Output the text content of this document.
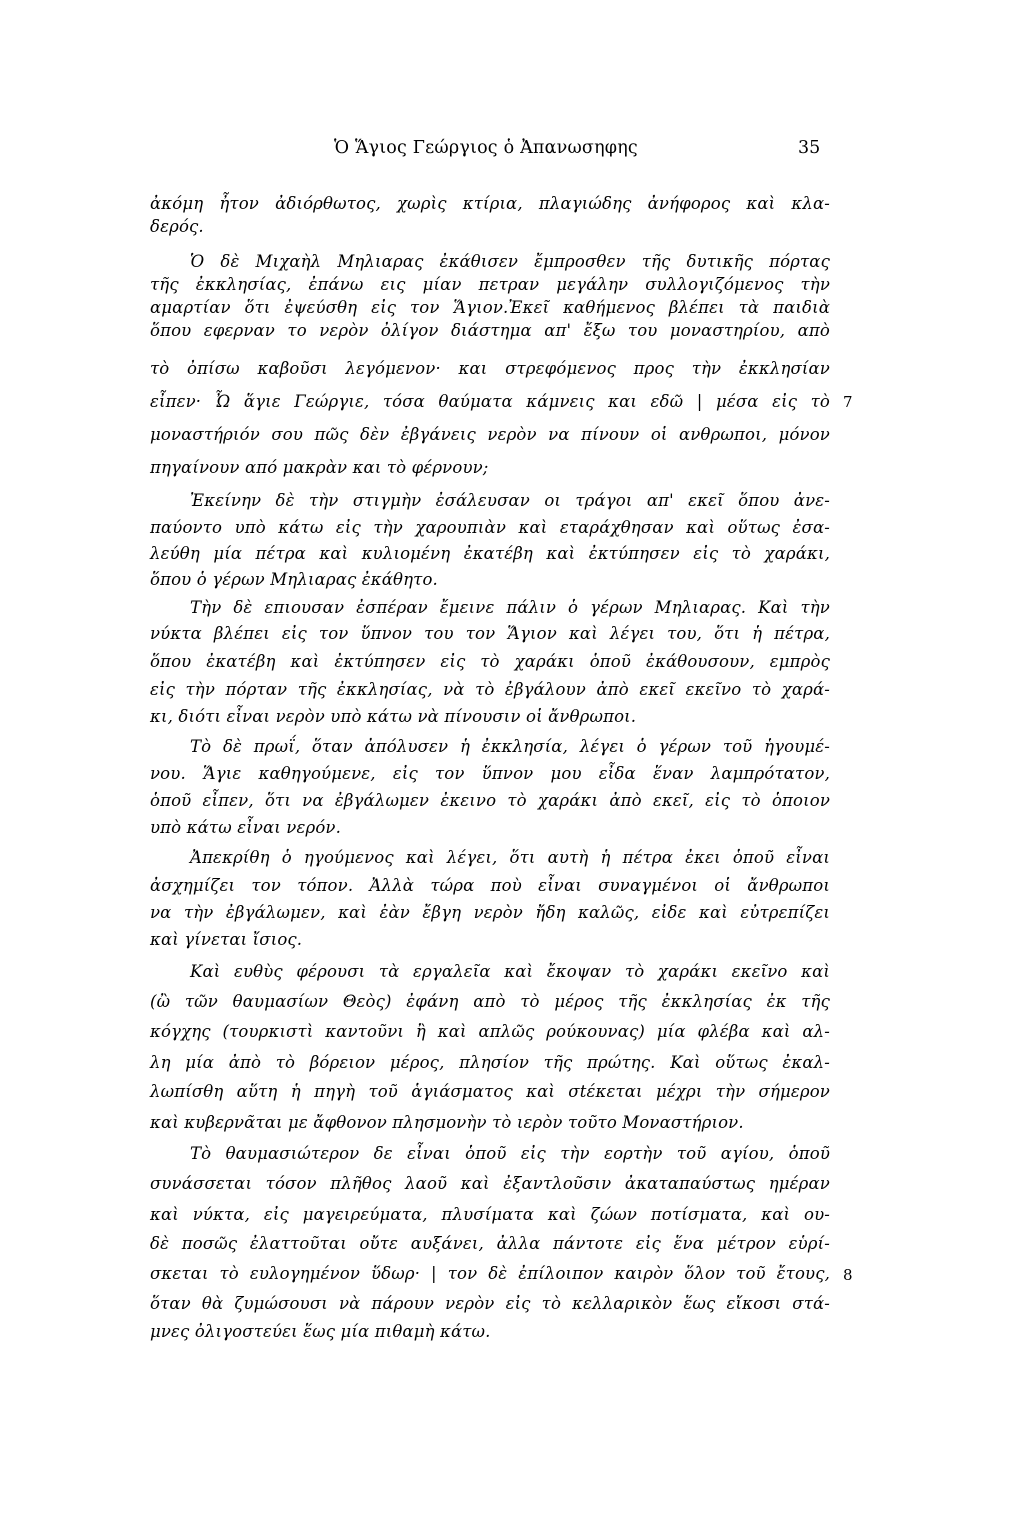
Ὁ Ἅγιος Γεώργιος ὁ Ἀπανωσηφης	35
ἀκόμη ἦτον ἀδιόρθωτος, χωρὶς κτίρια, πλαγιώδης ἀνήφορος καὶ κλα-
δερός.
Ὁ δὲ Μιχαὴλ Μηλιαρας ἐκάθισεν ἔμπροσθεν τῆς δυτικῆς πόρτας
τῆς ἐκκλησίας, ἐπάνω εις μίαν πετραν μεγάλην συλλογιζόμενος τὴν
αμαρτίαν ὅτι ἐψεύσθη εἰς τον Ἅγιον.Ἐκεῖ καθήμενος βλέπει τὰ παιδιὰ
ὅπου εφερναν το νερὸν ὀλίγον διάστημα απ' ἔξω του μοναστηρίου, απὸ
τὸ ὀπίσω καβοῦσι λεγόμενον· και στρεφόμενος προς τὴν ἐκκλησίαν
εἶπεν· Ὦ ἅγιε Γεώργιε, τόσα θαύματα κάμνεις και εδῶ | μέσα εἰς τὸ
μοναστήριόν σου πῶς δὲν ἐβγάνεις νερὸν να πίνουν οἱ ανθρωποι, μόνον
πηγαίνουν από μακρὰν και τὸ φέρνουν;
Ἐκείνην δὲ τὴν στιγμὴν ἐσάλευσαν οι τράγοι απ' εκεῖ ὅπου ἀνε-
παύοντο υπὸ κάτω εἰς τὴν χαρουπιὰν καὶ εταράχθησαν καὶ οὕτως ἐσα-
λεύθη μία πέτρα καὶ κυλιομένη ἐκατέβη καὶ ἐκτύπησεν εἰς τὸ χαράκι,
ὅπου ὁ γέρων Μηλιαρας ἐκάθητο.
Τὴν δὲ επιουσαν ἐσπέραν ἔμεινε πάλιν ὁ γέρων Μηλιαρας. Καὶ τὴν
νύκτα βλέπει εἰς τον ὕπνον του τον Ἅγιον καὶ λέγει του, ὅτι ἡ πέτρα,
ὅπου ἐκατέβη καὶ ἐκτύπησεν εἰς τὸ χαράκι ὁποῦ ἐκάθουσουν, εμπρὸς
εἰς τὴν πόρταν τῆς ἐκκλησίας, νὰ τὸ ἐβγάλουν ἀπὸ εκεῖ εκεῖνο τὸ χαρά-
κι, διότι εἶναι νερὸν υπὸ κάτω νὰ πίνουσιν οἱ ἄνθρωποι.
Τὸ δὲ πρωΐ, ὅταν ἀπόλυσεν ἡ ἐκκλησία, λέγει ὁ γέρων τοῦ ἡγουμέ-
νου. Ἅγιε καθηγούμενε, εἰς τον ὕπνον μου εἶδα ἕναν λαμπρότατον,
ὁποῦ εἶπεν, ὅτι να ἐβγάλωμεν ἐκεινο τὸ χαράκι ἀπὸ εκεῖ, εἰς τὸ ὁποιον
υπὸ κάτω εἶναι νερόν.
Ἀπεκρίθη ὁ ηγούμενος καὶ λέγει, ὅτι αυτὴ ἡ πέτρα ἐκει ὁποῦ εἶναι
ἀσχημίζει τον τόπον. Ἀλλὰ τώρα ποὺ εἶναι συναγμένοι οἱ ἄνθρωποι
να τὴν ἐβγάλωμεν, καὶ ἐὰν ἔβγη νερὸν ἤδη καλῶς, εἰδε καὶ εὐτρεπίζει
καὶ γίνεται ἴσιος.
Καὶ ευθὺς φέρουσι τὰ εργαλεῖα καὶ ἔκοψαν τὸ χαράκι εκεῖνο καὶ
(ὢ τῶν θαυμασίων Θεὸς) ἐφάνη απὸ τὸ μέρος τῆς ἐκκλησίας ἐκ τῆς
κόγχης (τουρκιστὶ καντοῦνι ἢ καὶ απλῶς ρούκουνας) μία φλέβα καὶ αλ-
λη μία ἀπὸ τὸ βόρειον μέρος, πλησίον τῆς πρώτης. Καὶ οὕτως ἐκαλ-
λωπίσθη αὕτη ἡ πηγὴ τοῦ ἁγιάσματος καὶ σtέκεται μέχρι τὴν σήμερον
καὶ κυβερνᾶται με ἄφθονον πλησμονὴν τὸ ιερὸν τοῦτο Μοναστήριον.
Τὸ θαυμασιώτερον δε εἶναι ὁποῦ εἰς τὴν εορτὴν τοῦ αγίου, ὁποῦ
συνάσσεται τόσον πλῆθος λαοῦ καὶ ἐξαντλοῦσιν ἀκαταπαύστως ημέραν
καὶ νύκτα, εἰς μαγειρεύματα, πλυσίματα καὶ ζώων ποτίσματα, καὶ ου-
δὲ ποσῶς ἐλαττοῦται οὔτε αυξάνει, ἀλλα πάντοτε εἰς ἕνα μέτρον εὑρί-
σκεται τὸ ευλογημένον ὕδωρ· | τον δὲ ἐπίλοιπον καιρὸν ὅλον τοῦ ἔτους,
ὅταν θὰ ζυμώσουσι νὰ πάρουν νερὸν εἰς τὸ κελλαρικὸν ἕως εἴκοσι στά-
μνες ὀλιγοστεύει ἕως μία πιθαμὴ κάτω.
7
8
